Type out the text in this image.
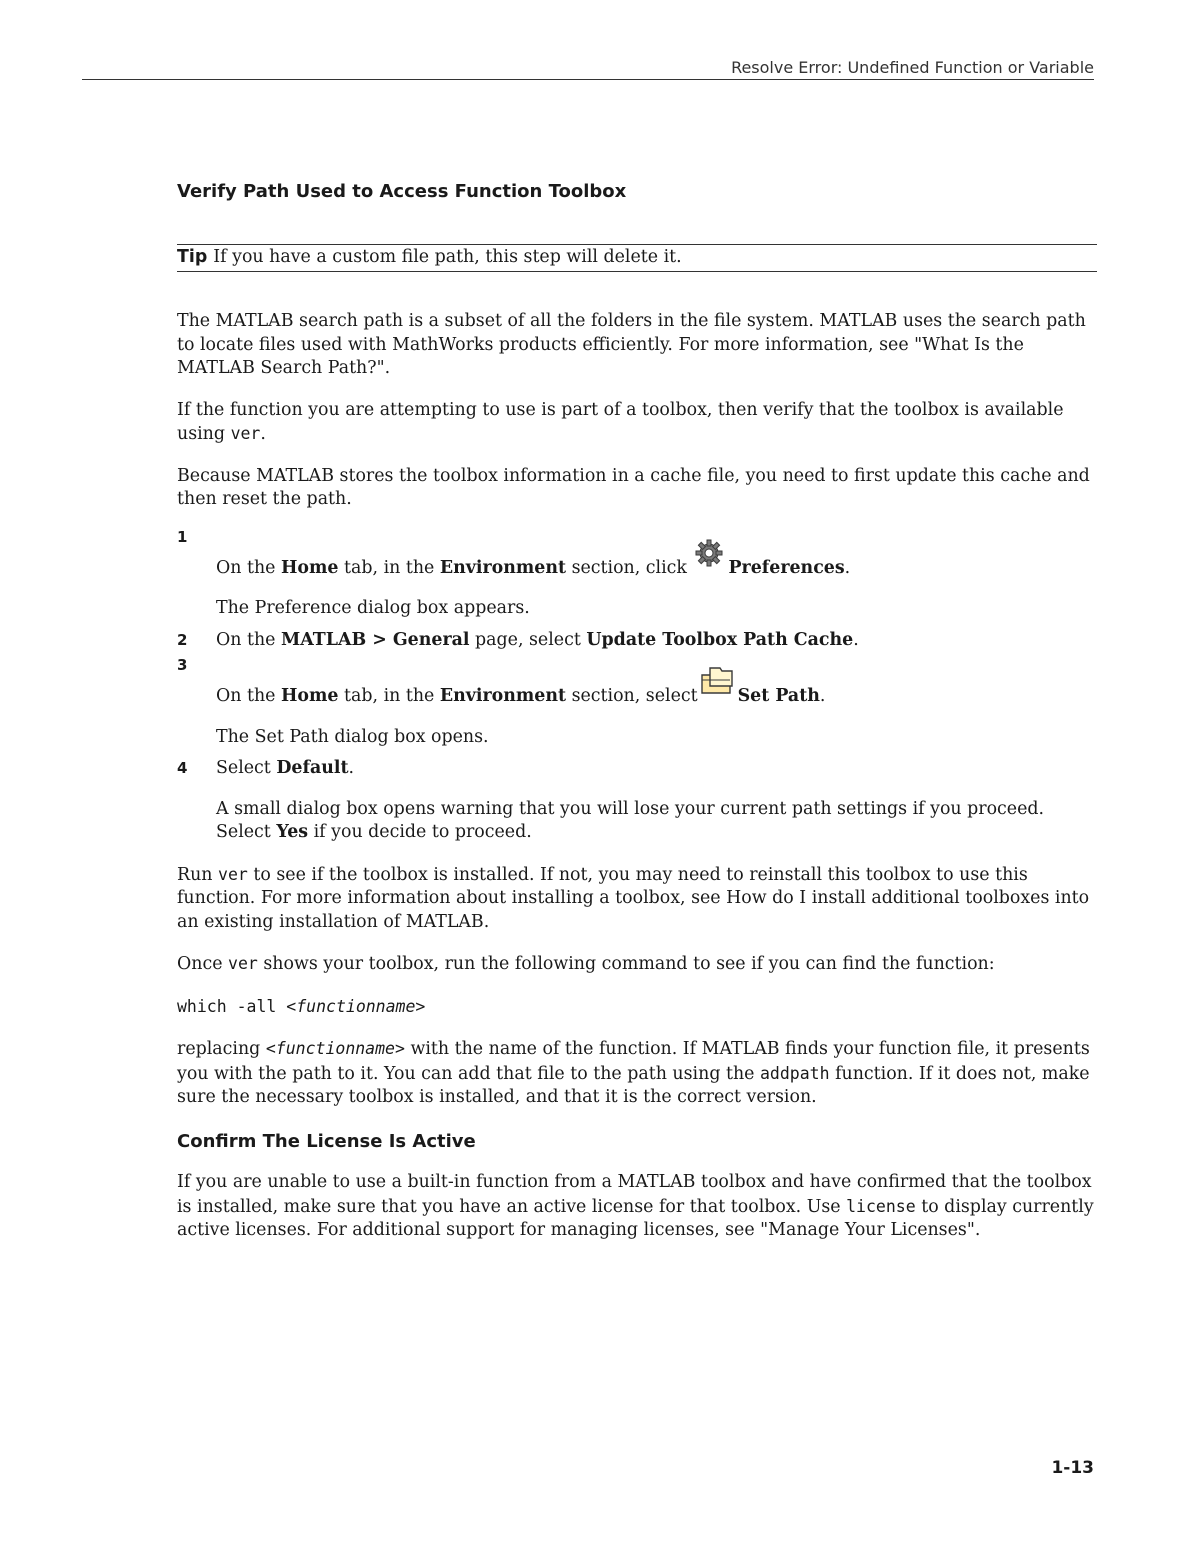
Resolve Error: Undefined Function or Variable
Verify Path Used to Access Function Toolbox
Tip If you have a custom file path, this step will delete it.

The MATLAB search path is a subset of all the folders in the file system. MATLAB uses the search path to locate files used with MathWorks products efficiently. For more information, see "What Is the MATLAB Search Path?".

If the function you are attempting to use is part of a toolbox, then verify that the toolbox is available using ver.

Because MATLAB stores the toolbox information in a cache file, you need to first update this cache and then reset the path.

1
On the Home tab, in the Environment section, click Preferences.

The Preference dialog box appears.

2 On the MATLAB > General page, select Update Toolbox Path Cache.
3
On the Home tab, in the Environment section, select Set Path.

The Set Path dialog box opens.

4 Select Default.

A small dialog box opens warning that you will lose your current path settings if you proceed. Select Yes if you decide to proceed.

Run ver to see if the toolbox is installed. If not, you may need to reinstall this toolbox to use this function. For more information about installing a toolbox, see How do I install additional toolboxes into an existing installation of MATLAB.

Once ver shows your toolbox, run the following command to see if you can find the function:

which -all <functionname>

replacing <functionname> with the name of the function. If MATLAB finds your function file, it presents you with the path to it. You can add that file to the path using the addpath function. If it does not, make sure the necessary toolbox is installed, and that it is the correct version.

Confirm The License Is Active

If you are unable to use a built-in function from a MATLAB toolbox and have confirmed that the toolbox is installed, make sure that you have an active license for that toolbox. Use license to display currently active licenses. For additional support for managing licenses, see "Manage Your Licenses".

1-13
